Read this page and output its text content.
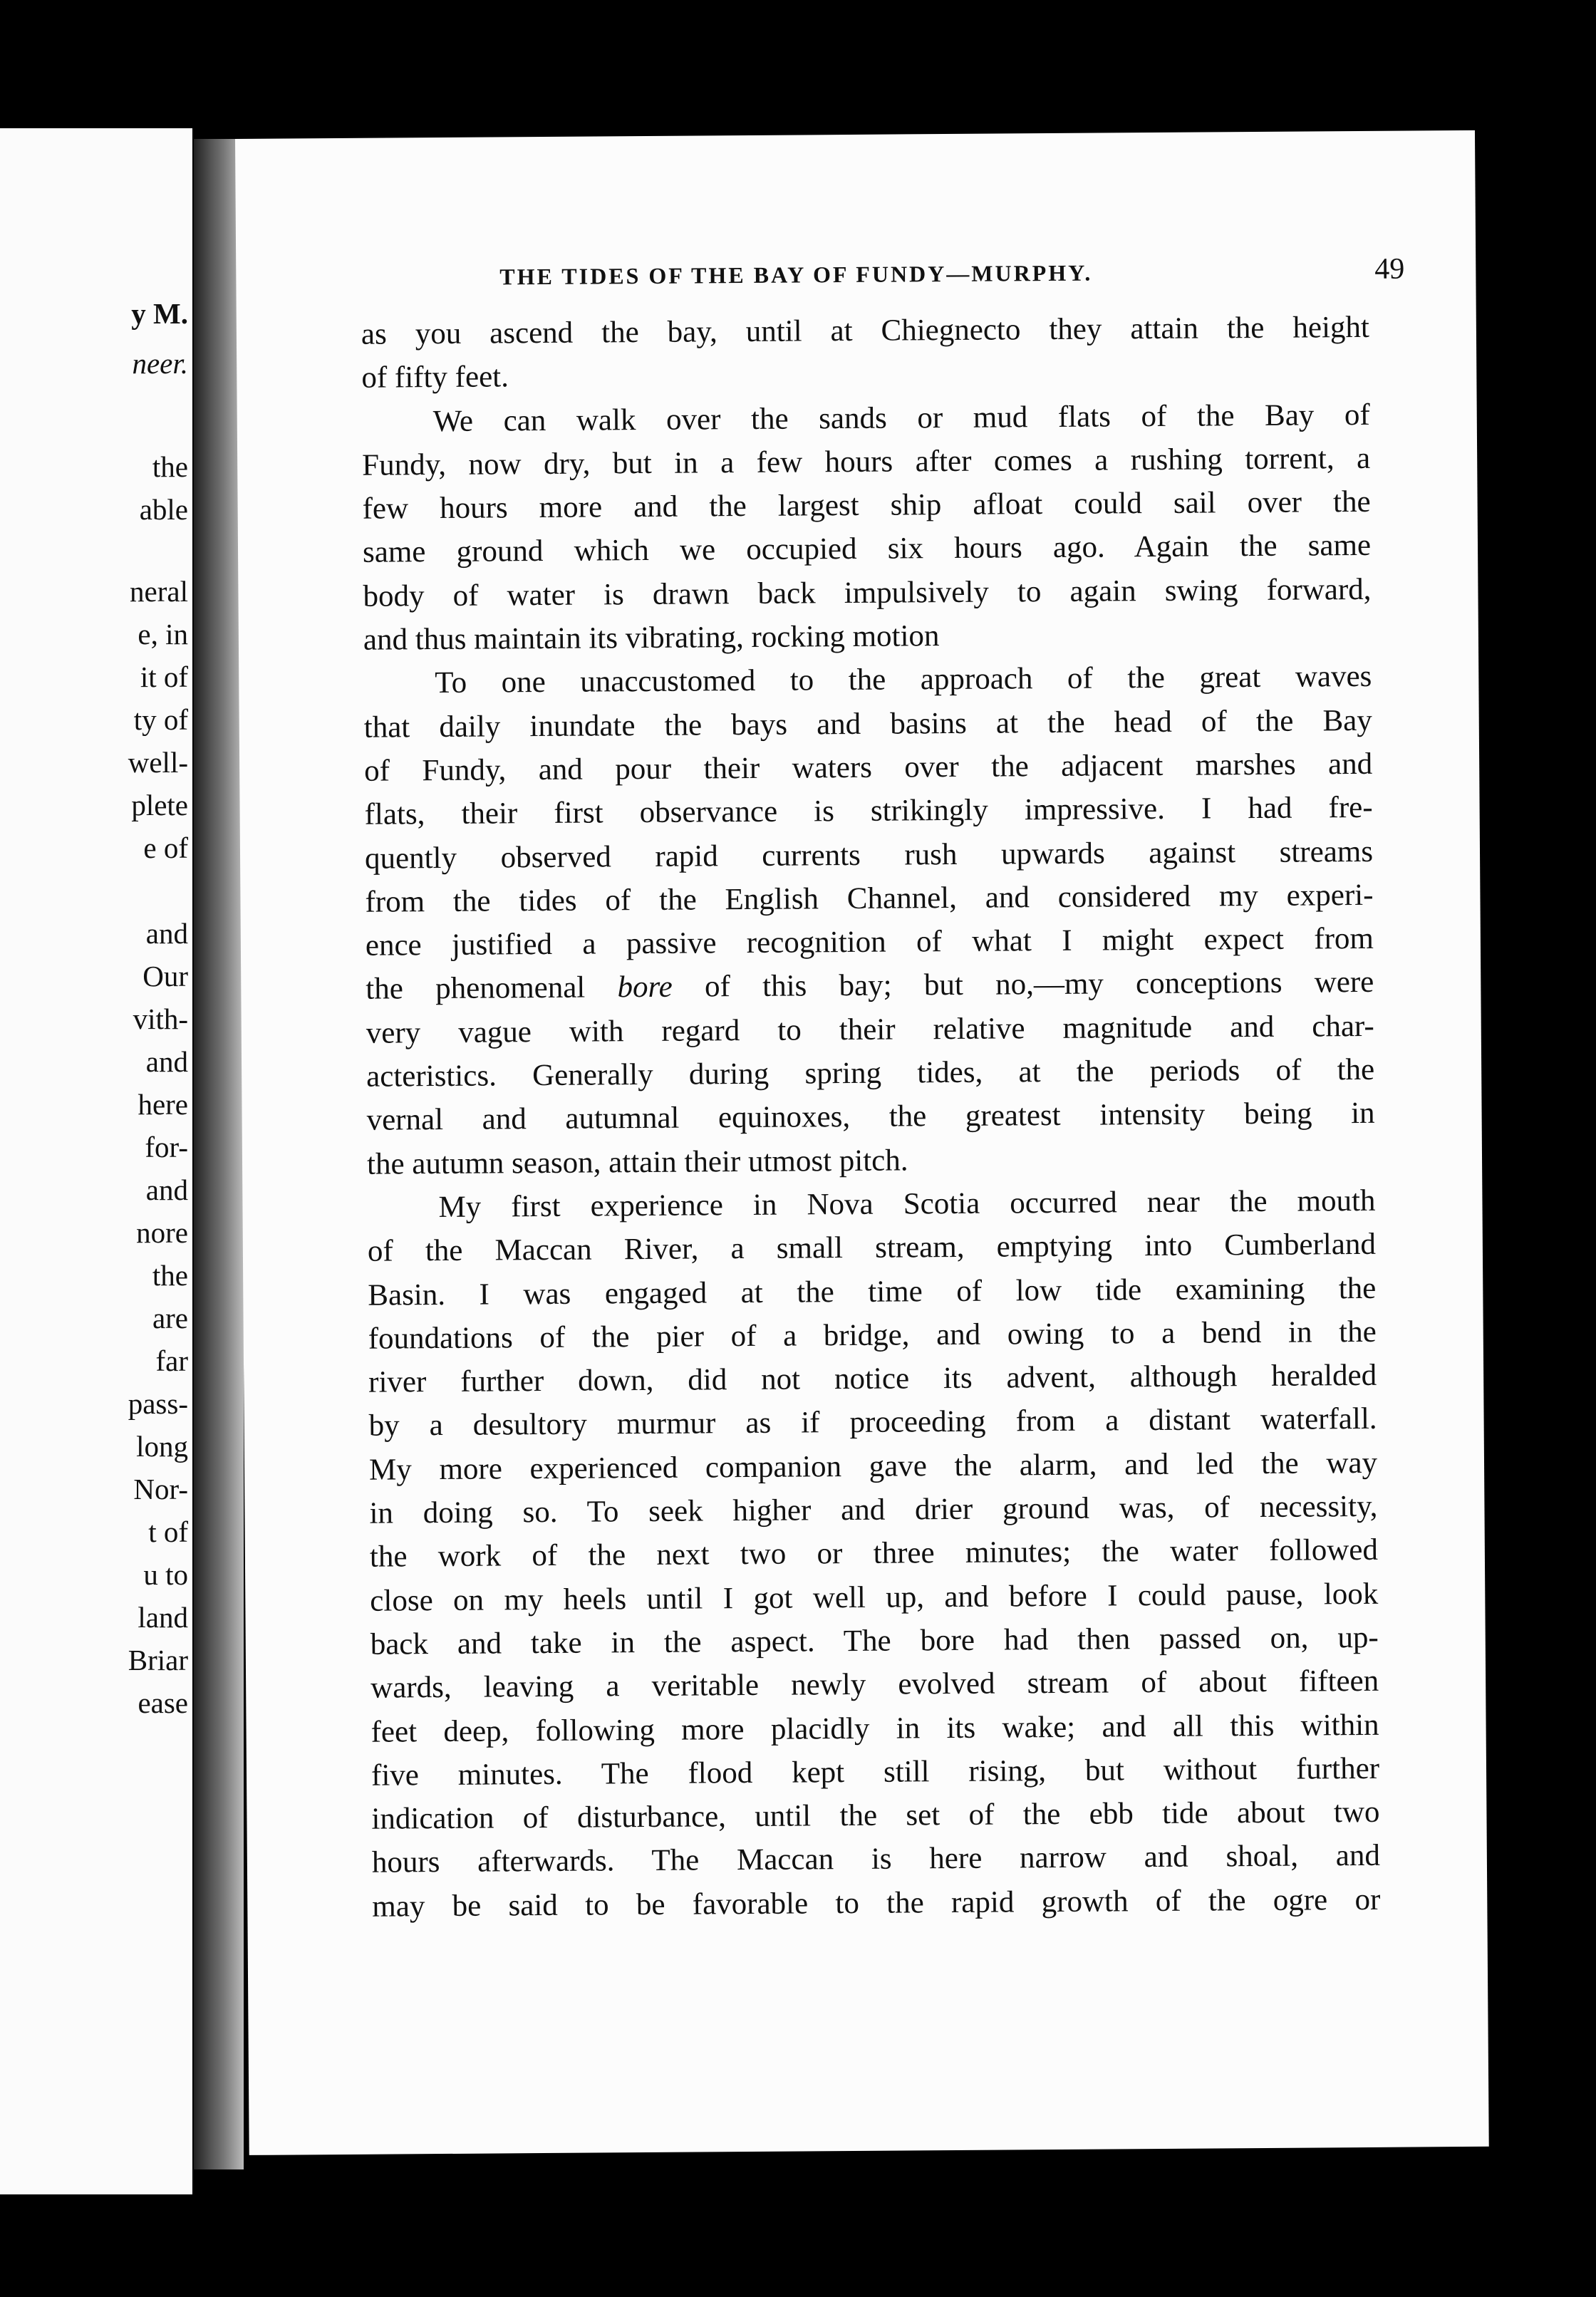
y M.
neer.
the
able
neral
e, in
it of
ty of
well-
plete
e of
and
Our
vith-
and
here
for-
and
nore
the
are
far
pass-
long
Nor-
t of
u to
land
Briar
ease
THE TIDES OF THE BAY OF FUNDY—MURPHY.	49
as you ascend the bay, until at Chiegnecto they attain the height
of fifty feet.
We can walk over the sands or mud flats of the Bay of
Fundy, now dry, but in a few hours after comes a rushing torrent, a
few hours more and the largest ship afloat could sail over the
same ground which we occupied six hours ago. Again the same
body of water is drawn back impulsively to again swing forward,
and thus maintain its vibrating, rocking motion
To one unaccustomed to the approach of the great waves
that daily inundate the bays and basins at the head of the Bay
of Fundy, and pour their waters over the adjacent marshes and
flats, their first observance is strikingly impressive. I had fre-
quently observed rapid currents rush upwards against streams
from the tides of the English Channel, and considered my experi-
ence justified a passive recognition of what I might expect from
the phenomenal bore of this bay; but no,—my conceptions were
very vague with regard to their relative magnitude and char-
acteristics. Generally during spring tides, at the periods of the
vernal and autumnal equinoxes, the greatest intensity being in
the autumn season, attain their utmost pitch.
My first experience in Nova Scotia occurred near the mouth
of the Maccan River, a small stream, emptying into Cumberland
Basin. I was engaged at the time of low tide examining the
foundations of the pier of a bridge, and owing to a bend in the
river further down, did not notice its advent, although heralded
by a desultory murmur as if proceeding from a distant waterfall.
My more experienced companion gave the alarm, and led the way
in doing so. To seek higher and drier ground was, of necessity,
the work of the next two or three minutes; the water followed
close on my heels until I got well up, and before I could pause, look
back and take in the aspect. The bore had then passed on, up-
wards, leaving a veritable newly evolved stream of about fifteen
feet deep, following more placidly in its wake; and all this within
five minutes. The flood kept still rising, but without further
indication of disturbance, until the set of the ebb tide about two
hours afterwards. The Maccan is here narrow and shoal, and
may be said to be favorable to the rapid growth of the ogre or
